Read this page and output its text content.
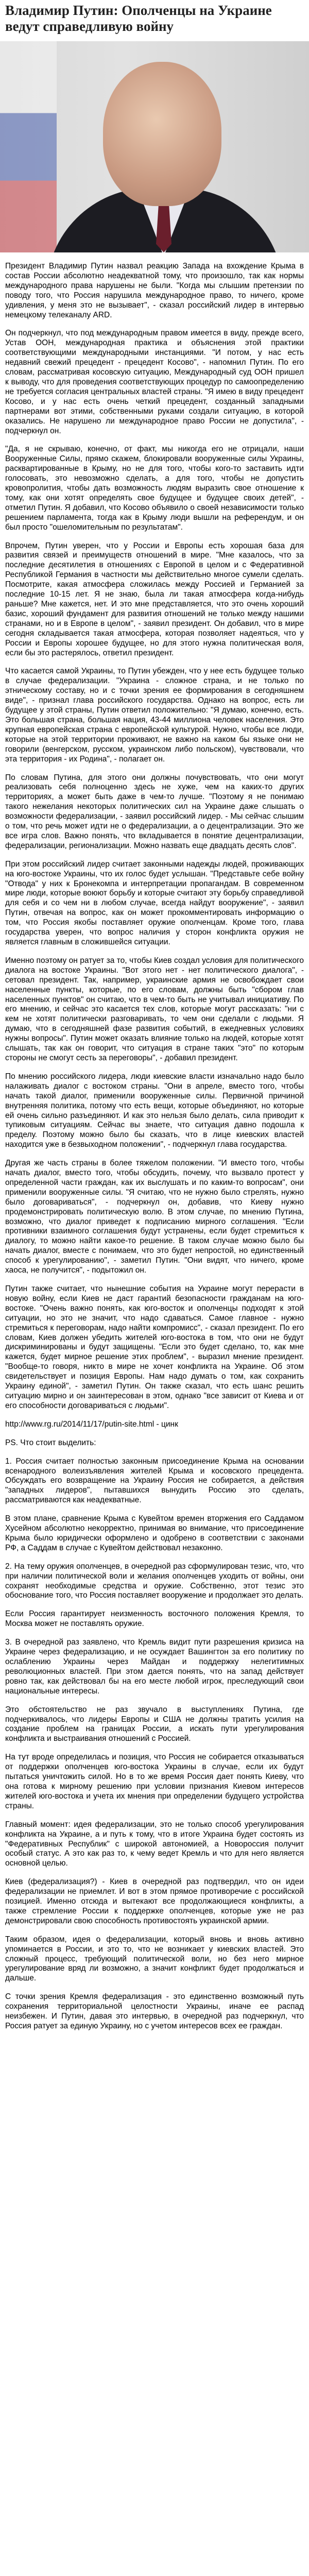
Владимир Путин: Ополченцы на Украине ведут справедливую войну

Президент Владимир Путин назвал реакцию Запада на вхождение Крыма в состав России абсолютно неадекватной тому, что произошло, так как нормы международного права нарушены не были. "Когда мы слышим претензии по поводу того, что Россия нарушила международное право, то ничего, кроме удивления, у меня это не вызывает", - сказал российский лидер в интервью немецкому телеканалу ARD.

Он подчеркнул, что под международным правом имеется в виду, прежде всего, Устав ООН, международная практика и объяснения этой практики соответствующими международными инстанциями. "И потом, у нас есть недавний свежий прецедент - прецедент Косово", - напомнил Путин. По его словам, рассматривая косовскую ситуацию, Международный суд ООН пришел к выводу, что для проведения соответствующих процедур по самоопределению не требуется согласия центральных властей страны. "Я имею в виду прецедент Косово, и у нас есть очень четкий прецедент, созданный западными партнерами вот этими, собственными руками создали ситуацию, в которой оказались. Не нарушено ли международное право России не допустила", - подчеркнул он.

"Да, я не скрываю, конечно, от факт, мы никогда его не отрицали, наши Вооруженные Силы, прямо скажем, блокировали вооруженные силы Украины, расквартированные в Крыму, но не для того, чтобы кого-то заставить идти голосовать, это невозможно сделать, а для того, чтобы не допустить кровопролития, чтобы дать возможность людям выразить свое отношение к тому, как они хотят определять свое будущее и будущее своих детей", - отметил Путин. Я добавил, что Косово объявило о своей независимости только решением парламента, тогда как в Крыму люди вышли на референдум, и он был просто "ошеломительным по результатам".

Впрочем, Путин уверен, что у России и Европы есть хорошая база для развития связей и преимуществ отношений в мире. "Мне казалось, что за последние десятилетия в отношениях с Европой в целом и с Федеративной Республикой Германия в частности мы действительно многое сумели сделать. Посмотрите, какая атмосфера сложилась между Россией и Германией за последние 10-15 лет. Я не знаю, была ли такая атмосфера когда-нибудь раньше? Мне кажется, нет. И это мне представляется, что это очень хороший базис, хороший фундамент для развития отношений не только между нашими странами, но и в Европе в целом", - заявил президент. Он добавил, что в мире сегодня складывается такая атмосфера, которая позволяет надеяться, что у России и Европы хорошее будущее, но для этого нужна политическая воля, если бы это растерялось, ответил президент.

Что касается самой Украины, то Путин убежден, что у нее есть будущее только в случае федерализации. "Украина - сложное страна, и не только по этническому составу, но и с точки зрения ее формирования в сегодняшнем виде", - признал глава российского государства. Однако на вопрос, есть ли будущее у этой страны, Путин ответил положительно: "Я думаю, конечно, есть. Это большая страна, большая нация, 43-44 миллиона человек населения. Это крупная европейская страна с европейской культурой. Нужно, чтобы все люди, которые на этой территории проживают, не важно на каком бы языке они не говорили (венгерском, русском, украинском либо польском), чувствовали, что эта территория - их Родина", - полагает он.

По словам Путина, для этого они должны почувствовать, что они могут реализовать себя полноценно здесь не хуже, чем на каких-то других территориях, а может быть даже в чем-то лучше. "Поэтому я не понимаю такого нежелания некоторых политических сил на Украине даже слышать о возможности федерализации, - заявил российский лидер. - Мы сейчас слышим о том, что речь может идти не о федерализации, а о децентрализации. Это же все игра слов. Важно понять, что вкладывается в понятие децентрализации, федерализации, регионализации. Можно назвать еще двадцать десять слов".

При этом российский лидер считает законными надежды людей, проживающих на юго-востоке Украины, что их голос будет услышан. "Представьте себе войну "Отвода" у них к Бронекомпа и интерпретации пропагандам. В современном мире люди, которые воюют борьбу и которые считают эту борьбу справедливой для себя и со чем ни в любом случае, всегда найдут вооружение", - заявил Путин, отвечая на вопрос, как он может прокомментировать информацию о том, что Россия якобы поставляет оружие ополченцам. Кроме того, глава государства уверен, что вопрос наличия у сторон конфликта оружия не является главным в сложившейся ситуации.

Именно поэтому он ратует за то, чтобы Киев создал условия для политического диалога на востоке Украины. "Вот этого нет - нет политического диалога", - сетовал президент. Так, например, украинские армия не освобождает свои населенные пункты, которые, по его словам, должны быть "сбором глав населенных пунктов" он считаю, что в чем-то быть не учитывал инициативу. По его мнению, и сейчас это касается тех слов, которые могут рассказать: "ни с кем не хотят политически разговаривать, то чем они сделали с людьми. Я думаю, что в сегодняшней фазе развития событий, в ежедневных условиях нужны вопросы". Путин может оказать влияние только на людей, которые хотят слышать, так как он говорит, что ситуация в стране таких "это" по которым стороны не смогут сесть за переговоры", - добавил президент.

По мнению российского лидера, люди киевские власти изначально надо было налаживать диалог с востоком страны. "Они в апреле, вместо того, чтобы начать такой диалог, применили вооруженные силы. Первичной причиной внутренняя политика, потому что есть вещи, которые объединяют, но которые ей очень сильно разъединяют. И как это нельзя было делать, сила приводит к тупиковым ситуациям. Сейчас вы знаете, что ситуация давно подошла к пределу. Поэтому можно было бы сказать, что в лице киевских властей находится уже в безвыходном положении", - подчеркнул глава государства.

Другая же часть страны в более тяжелом положении. "И вместо того, чтобы начать диалог, вместо того, чтобы обсудить, почему, что вызвало протест у определенной части граждан, как их выслушать и по каким-то вопросам", они применили вооруженные силы. "Я считаю, что не нужно было стрелять, нужно было договариваться", - подчеркнул он, добавив, что Киеву нужно продемонстрировать политическую волю. В этом случае, по мнению Путина, возможно, что диалог приведет к подписанию мирного соглашения. "Если противники взаимного соглашения будут устранены, если будет стремиться к диалогу, то можно найти какое-то решение. В таком случае можно было бы начать диалог, вместе с понимаем, что это будет непростой, но единственный способ к урегулированию", - заметил Путин. "Они видят, что ничего, кроме хаоса, не получится", - подытожил он.

Путин также считает, что нынешние события на Украине могут перерасти в новую войну, если Киев не даст гарантий безопасности гражданам на юго-востоке. "Очень важно понять, как юго-восток и ополченцы подходят к этой ситуации, но это не значит, что надо сдаваться. Самое главное - нужно стремиться к переговорам, надо найти компромисс", - сказал президент. По его словам, Киев должен убедить жителей юго-востока в том, что они не будут дискриминированы и будут защищены. "Если это будет сделано, то, как мне кажется, будет мирное решение этих проблем", - выразил мнение президент. "Вообще-то говоря, никто в мире не хочет конфликта на Украине. Об этом свидетельствует и позиция Европы. Нам надо думать о том, как сохранить Украину единой", - заметил Путин. Он также сказал, что есть шанс решить ситуацию мирно и он заинтересован в этом, однако "все зависит от Киева и от его способности договариваться с людьми".

http://www.rg.ru/2014/11/17/putin-site.html - цинк

PS. Что стоит выделить:

1. Россия считает полностью законным присоединение Крыма на основании всенародного волеизъявления жителей Крыма и косовского прецедента. Обсуждать его возвращение на Украину Россия не собирается, а действия "западных лидеров", пытавшихся вынудить Россию это сделать, рассматриваются как неадекватные.

В этом плане, сравнение Крыма с Кувейтом времен вторжения его Саддамом Хусейном абсолютно некорректно, принимая во внимание, что присоединение Крыма было юридически оформлено и одобрено в соответствии с законами РФ, а Саддам в случае с Кувейтом действовал незаконно.

2. На тему оружия ополченцев, в очередной раз сформулирован тезис, что, что при наличии политической воли и желания ополченцев уходить от войны, они сохранят необходимые средства и оружие. Собственно, этот тезис это обоснование того, что Россия поставляет вооружение и продолжает это делать.

Если Россия гарантирует неизменность восточного положения Кремля, то Москва может не поставлять оружие.

3. В очередной раз заявлено, что Кремль видит пути разрешения кризиса на Украине через федерализацию, и не осуждает Вашингтон за его политику по ослаблению Украины через Майдан и поддержку нелегитимных революционных властей. При этом дается понять, что на запад действует ровно так, как действовал бы на его месте любой игрок, преследующий свои национальные интересы.

Это обстоятельство не раз звучало в выступлениях Путина, где подчеркивалось, что лидеры Европы и США не должны тратить усилия на создание проблем на границах России, а искать пути урегулирования конфликта и выстраивания отношений с Россией.

На тут вроде определилась и позиция, что Россия не собирается отказываться от поддержки ополченцев юго-востока Украины в случае, если их будут пытаться уничтожить силой. Но в то же время Россия дает понять Киеву, что она готова к мирному решению при условии признания Киевом интересов жителей юго-востока и учета их мнения при определении будущего устройства страны.

Главный момент: идея федерализации, это не только способ урегулирования конфликта на Украине, а и путь к тому, что в итоге Украина будет состоять из "Федеративных Республик" с широкой автономией, а Новороссия получит особый статус. А это как раз то, к чему ведет Кремль и что для него является основной целью.

Киев (федерализация?) - Киев в очередной раз подтвердил, что он идеи федерализации не приемлет. И вот в этом прямое противоречие с российской позицией. Именно отсюда и вытекают все продолжающиеся конфликты, а также стремление России к поддержке ополченцев, которые уже не раз демонстрировали свою способность противостоять украинской армии.

Таким образом, идея о федерализации, который вновь и вновь активно упоминается в России, и это то, что не возникает у киевских властей. Это сложный процесс, требующий политической воли, но без него мирное урегулирование вряд ли возможно, а значит конфликт будет продолжаться и дальше.

С точки зрения Кремля федерализация - это единственно возможный путь сохранения территориальной целостности Украины, иначе ее распад неизбежен. И Путин, давая это интервью, в очередной раз подчеркнул, что Россия ратует за единую Украину, но с учетом интересов всех ее граждан.
